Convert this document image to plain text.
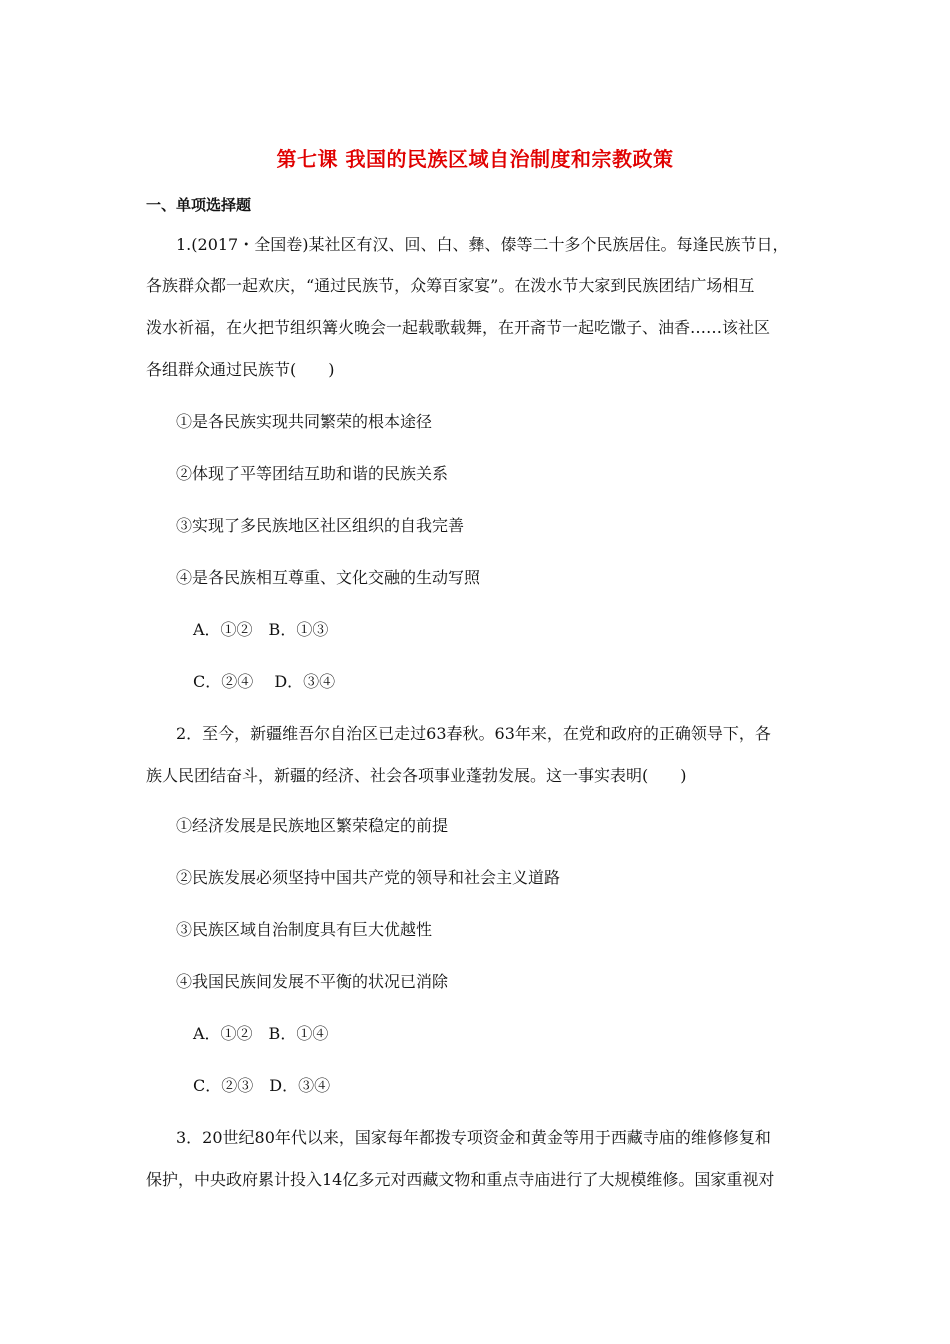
第七课 我国的民族区域自治制度和宗教政策
一、单项选择题
1.(2017・全国卷)某社区有汉、回、白、彝、傣等二十多个民族居住。每逢民族节日，
各族群众都一起欢庆，“通过民族节，众筹百家宴”。在泼水节大家到民族团结广场相互
泼水祈福，在火把节组织篝火晚会一起载歌载舞，在开斋节一起吃馓子、油香……该社区
各组群众通过民族节(　　)
①是各民族实现共同繁荣的根本途径
②体现了平等团结互助和谐的民族关系
③实现了多民族地区社区组织的自我完善
④是各民族相互尊重、文化交融的生动写照
A．①②　B．①③
C．②④　 D．③④
2．至今，新疆维吾尔自治区已走过63春秋。63年来，在党和政府的正确领导下，各
族人民团结奋斗，新疆的经济、社会各项事业蓬勃发展。这一事实表明(　　)
①经济发展是民族地区繁荣稳定的前提
②民族发展必须坚持中国共产党的领导和社会主义道路
③民族区域自治制度具有巨大优越性
④我国民族间发展不平衡的状况已消除
A．①②　B．①④
C．②③　D．③④
3．20世纪80年代以来，国家每年都拨专项资金和黄金等用于西藏寺庙的维修修复和
保护，中央政府累计投入14亿多元对西藏文物和重点寺庙进行了大规模维修。国家重视对
